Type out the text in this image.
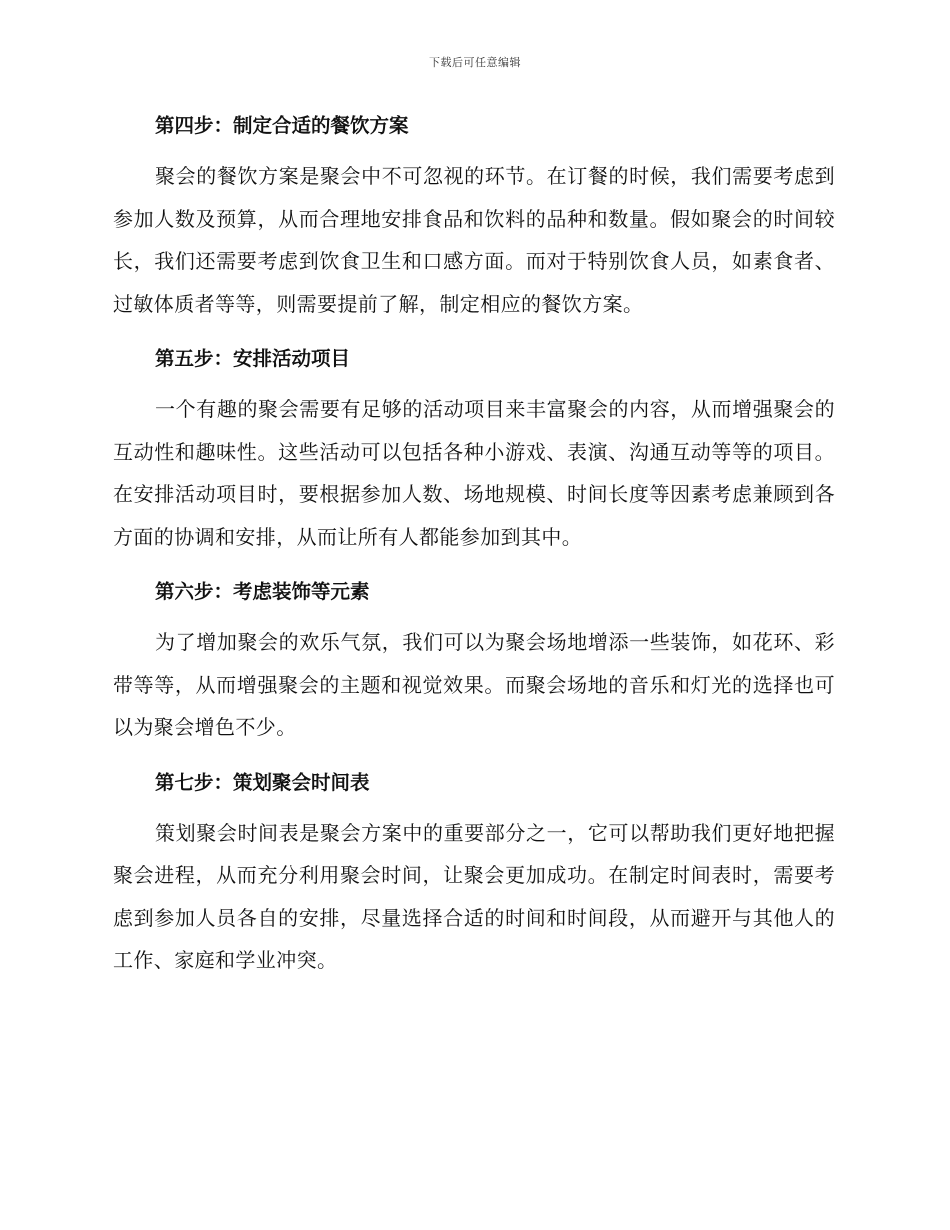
下载后可任意编辑
第四步：制定合适的餐饮方案

聚会的餐饮方案是聚会中不可忽视的环节。在订餐的时候，我们需要考虑到参加人数及预算，从而合理地安排食品和饮料的品种和数量。假如聚会的时间较长，我们还需要考虑到饮食卫生和口感方面。而对于特别饮食人员，如素食者、过敏体质者等等，则需要提前了解，制定相应的餐饮方案。

第五步：安排活动项目

一个有趣的聚会需要有足够的活动项目来丰富聚会的内容，从而增强聚会的互动性和趣味性。这些活动可以包括各种小游戏、表演、沟通互动等等的项目。在安排活动项目时，要根据参加人数、场地规模、时间长度等因素考虑兼顾到各方面的协调和安排，从而让所有人都能参加到其中。

第六步：考虑装饰等元素

为了增加聚会的欢乐气氛，我们可以为聚会场地增添一些装饰，如花环、彩带等等，从而增强聚会的主题和视觉效果。而聚会场地的音乐和灯光的选择也可以为聚会增色不少。

第七步：策划聚会时间表

策划聚会时间表是聚会方案中的重要部分之一，它可以帮助我们更好地把握聚会进程，从而充分利用聚会时间，让聚会更加成功。在制定时间表时，需要考虑到参加人员各自的安排，尽量选择合适的时间和时间段，从而避开与其他人的工作、家庭和学业冲突。
